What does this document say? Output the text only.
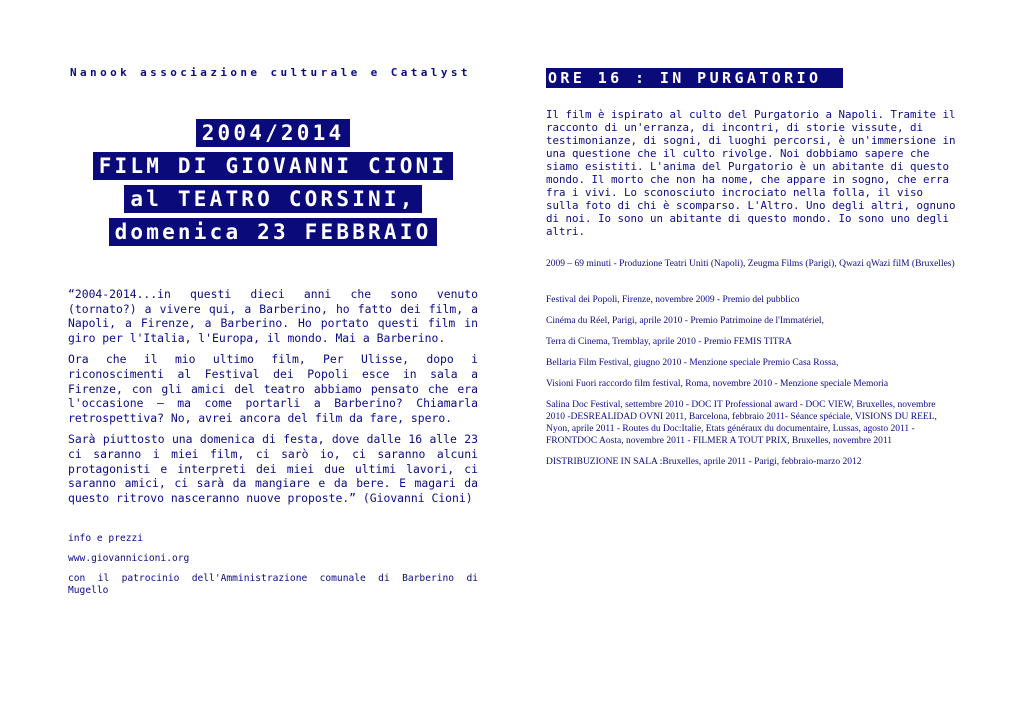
Nanook associazione culturale e Catalyst
2004/2014
FILM DI GIOVANNI CIONI
al TEATRO CORSINI,
domenica 23 FEBBRAIO

“2004-2014...in questi dieci anni che sono venuto (tornato?) a vivere qui, a Barberino, ho fatto dei film, a Napoli, a Firenze, a Barberino. Ho portato questi film in giro per l'Italia, l'Europa, il mondo. Mai a Barberino.

Ora che il mio ultimo film, Per Ulisse, dopo i riconoscimenti al Festival dei Popoli esce in sala a Firenze, con gli amici del teatro abbiamo pensato che era l'occasione – ma come portarli a Barberino? Chiamarla retrospettiva? No, avrei ancora del film da fare, spero.

Sarà piuttosto una domenica di festa, dove dalle 16 alle 23 ci saranno i miei film, ci sarò io, ci saranno alcuni protagonisti e interpreti dei miei due ultimi lavori, ci saranno amici, ci sarà da mangiare e da bere. E magari da questo ritrovo nasceranno nuove proposte.” (Giovanni Cioni)

info e prezzi

www.giovannicioni.org

con il patrocinio dell'Amministrazione comunale di Barberino di Mugello

ORE 16 : IN PURGATORIO

Il film è ispirato al culto del Purgatorio a Napoli. Tramite il racconto di un'erranza, di incontri, di storie vissute, di testimonianze, di sogni, di luoghi percorsi, è un'immersione in una questione che il culto rivolge. Noi dobbiamo sapere che siamo esistiti. L'anima del Purgatorio è un abitante di questo mondo. Il morto che non ha nome, che appare in sogno, che erra fra i vivi. Lo sconosciuto incrociato nella folla, il viso sulla foto di chi è scomparso. L'Altro. Uno degli altri, ognuno di noi. Io sono un abitante di questo mondo. Io sono uno degli altri.

2009 – 69 minuti - Produzione Teatri Uniti (Napoli), Zeugma Films (Parigi), Qwazi qWazi filM (Bruxelles)

Festival dei Popoli, Firenze, novembre 2009 - Premio del pubblico

Cinéma du Réel, Parigi, aprile 2010 - Premio Patrimoine de l'Immatériel,

Terra di Cinema, Tremblay, aprile 2010 - Premio FEMIS TITRA

Bellaria Film Festival, giugno 2010 - Menzione speciale Premio Casa Rossa,

Visioni Fuori raccordo film festival, Roma, novembre 2010 - Menzione speciale Memoria

Salina Doc Festival, settembre 2010 - DOC IT Professional award - DOC VIEW, Bruxelles, novembre 2010 -DESREALIDAD OVNI 2011, Barcelona, febbraio 2011- Séance spéciale, VISIONS DU REEL, Nyon, aprile 2011 - Routes du Doc:Italie, Etats généraux du documentaire, Lussas, agosto 2011 - FRONTDOC Aosta, novembre 2011 - FILMER A TOUT PRIX, Bruxelles, novembre 2011

DISTRIBUZIONE IN SALA :Bruxelles, aprile 2011 - Parigi, febbraio-marzo 2012
